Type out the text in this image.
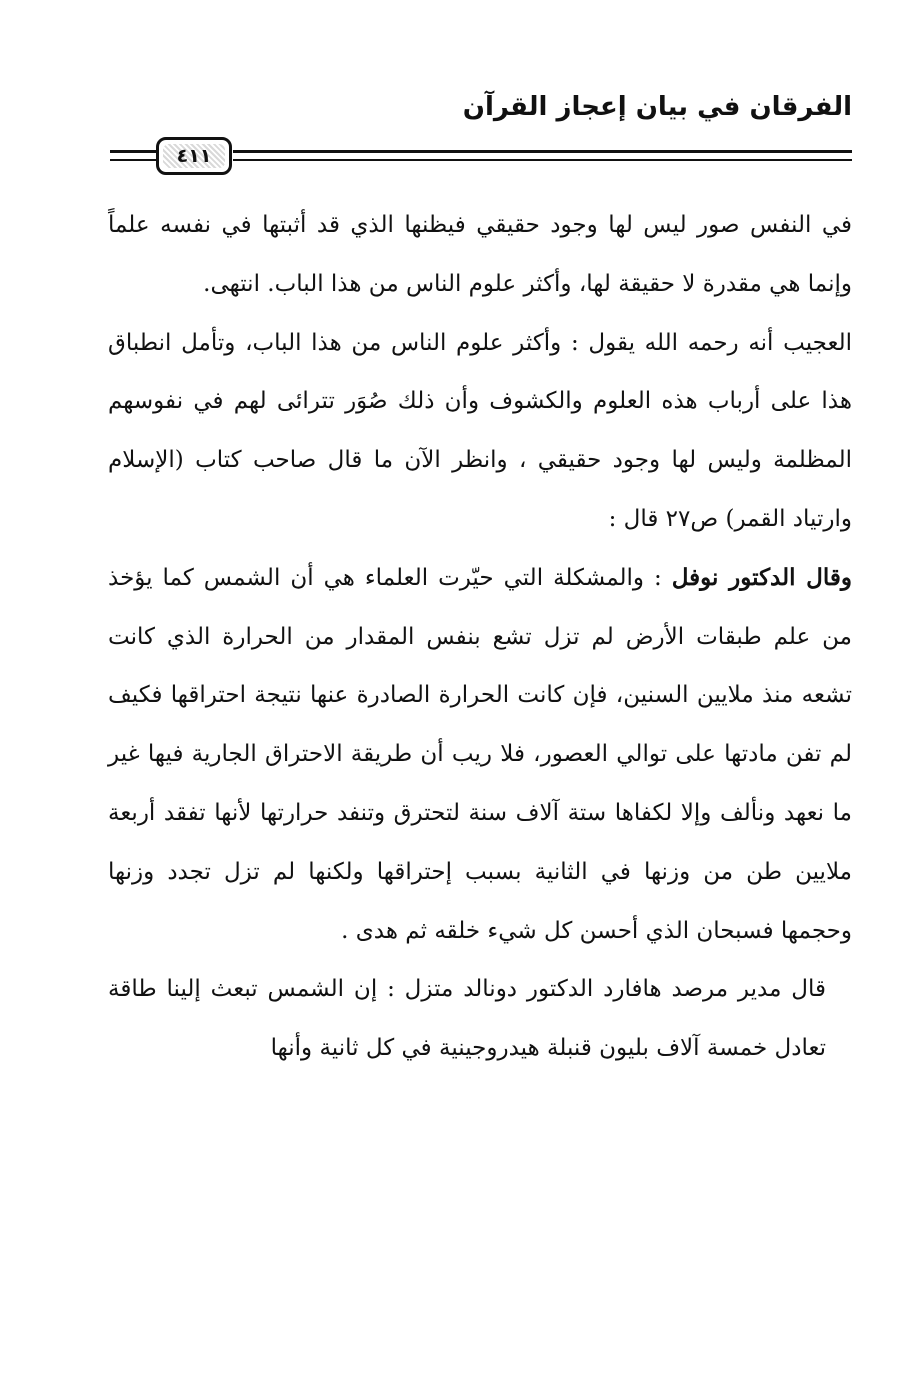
الفرقان في بيان إعجاز القرآن
٤١١

في النفس صور ليس لها وجود حقيقي فيظنها الذي قد أثبتها في نفسه علماً وإنما هي مقدرة لا حقيقة لها، وأكثر علوم الناس من هذا الباب. انتهى.

العجيب أنه رحمه الله يقول : وأكثر علوم الناس من هذا الباب، وتأمل انطباق هذا على أرباب هذه العلوم والكشوف وأن ذلك صُوَر تترائى لهم في نفوسهم المظلمة وليس لها وجود حقيقي ، وانظر الآن ما قال صاحب كتاب (الإسلام وارتياد القمر) ص٢٧ قال :

وقال الدكتور نوفل : والمشكلة التي حيّرت العلماء هي أن الشمس كما يؤخذ من علم طبقات الأرض لم تزل تشع بنفس المقدار من الحرارة الذي كانت تشعه منذ ملايين السنين، فإن كانت الحرارة الصادرة عنها نتيجة احتراقها فكيف لم تفن مادتها على توالي العصور، فلا ريب أن طريقة الاحتراق الجارية فيها غير ما نعهد ونألف وإلا لكفاها ستة آلاف سنة لتحترق وتنفد حرارتها لأنها تفقد أربعة ملايين طن من وزنها في الثانية بسبب إحتراقها ولكنها لم تزل تجدد وزنها وحجمها فسبحان الذي أحسن كل شيء خلقه ثم هدى .

قال مدير مرصد هافارد الدكتور دونالد متزل : إن الشمس تبعث إلينا طاقة تعادل خمسة آلاف بليون قنبلة هيدروجينية في كل ثانية وأنها
